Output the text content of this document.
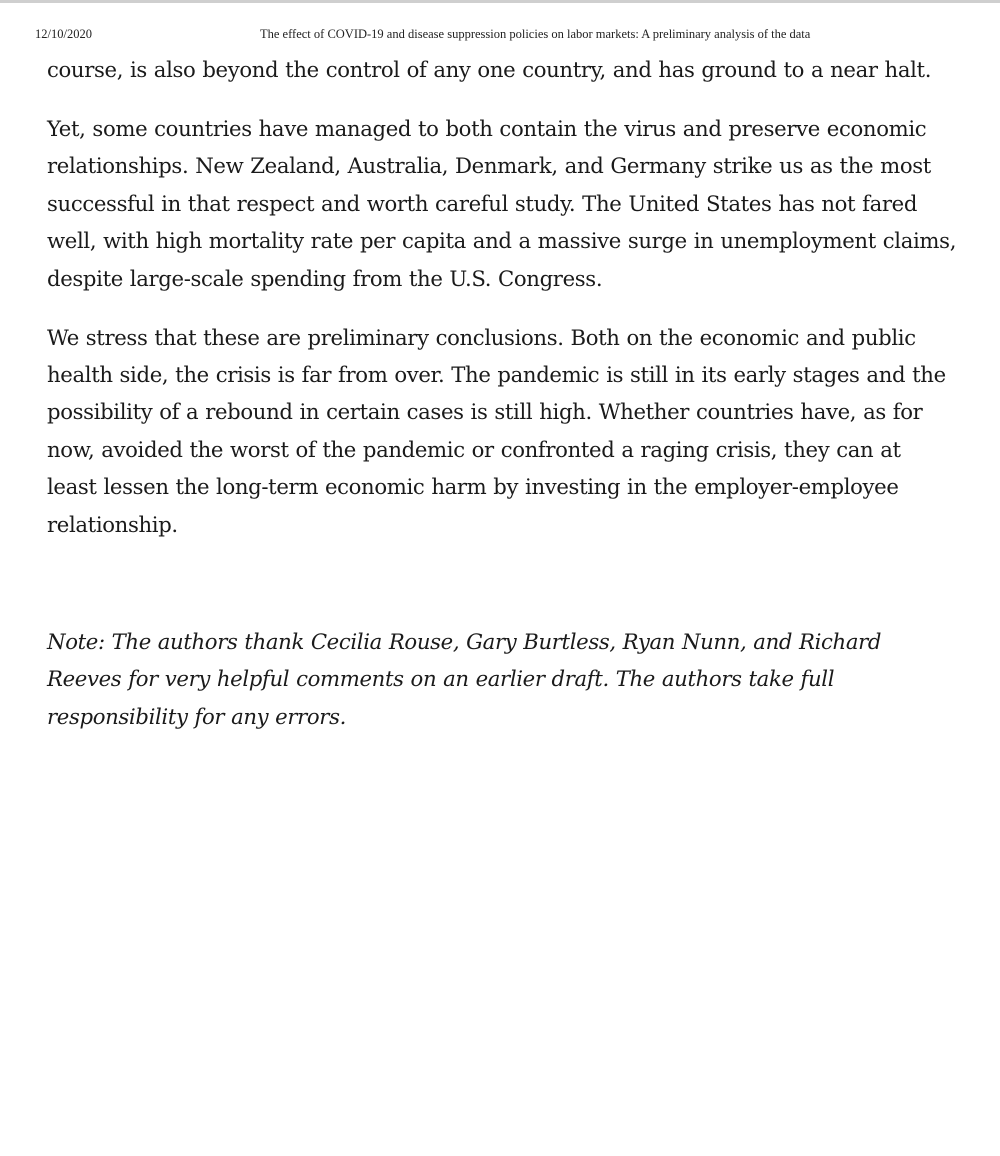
12/10/2020	The effect of COVID-19 and disease suppression policies on labor markets: A preliminary analysis of the data

course, is also beyond the control of any one country, and has ground to a near halt.

Yet, some countries have managed to both contain the virus and preserve economic relationships. New Zealand, Australia, Denmark, and Germany strike us as the most successful in that respect and worth careful study. The United States has not fared well, with high mortality rate per capita and a massive surge in unemployment claims, despite large-scale spending from the U.S. Congress.

We stress that these are preliminary conclusions. Both on the economic and public health side, the crisis is far from over. The pandemic is still in its early stages and the possibility of a rebound in certain cases is still high. Whether countries have, as for now, avoided the worst of the pandemic or confronted a raging crisis, they can at least lessen the long-term economic harm by investing in the employer-employee relationship.

Note: The authors thank Cecilia Rouse, Gary Burtless, Ryan Nunn, and Richard Reeves for very helpful comments on an earlier draft. The authors take full responsibility for any errors.
